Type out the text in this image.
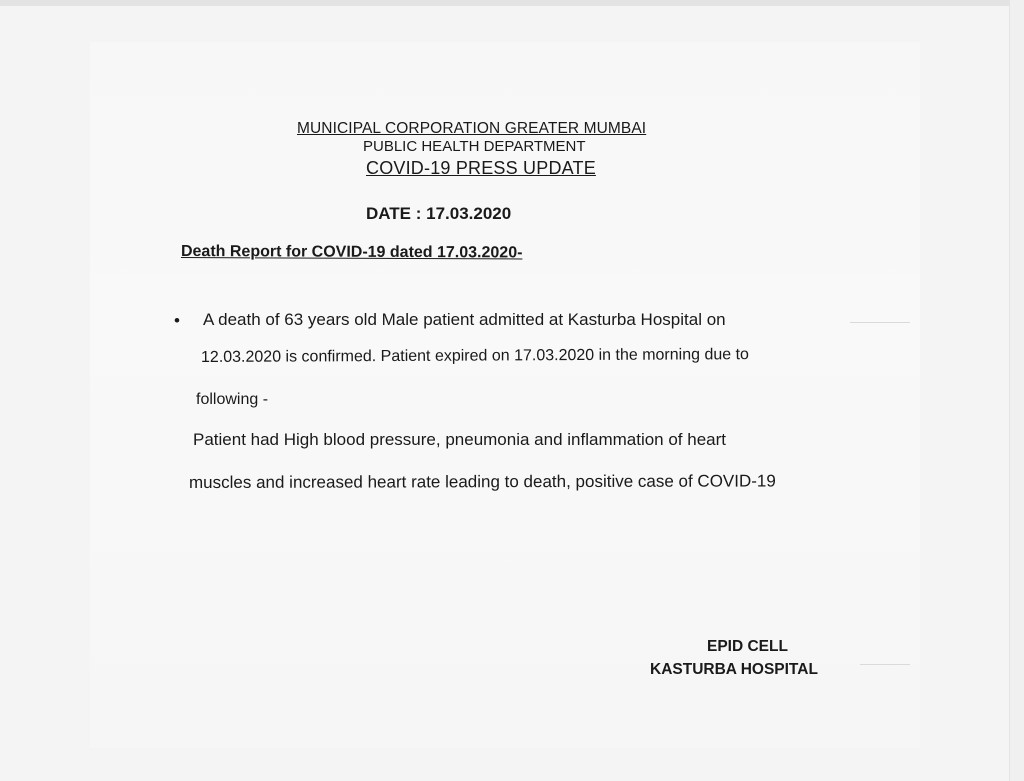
MUNICIPAL CORPORATION GREATER MUMBAI
PUBLIC HEALTH DEPARTMENT
COVID-19 PRESS UPDATE
DATE : 17.03.2020
Death Report for COVID-19 dated 17.03.2020-
• A death of 63 years old Male patient admitted at Kasturba Hospital on
12.03.2020 is confirmed. Patient expired on 17.03.2020 in the morning due to
following -
Patient had High blood pressure, pneumonia and inflammation of heart
muscles and increased heart rate leading to death, positive case of COVID-19
EPID CELL
KASTURBA HOSPITAL
